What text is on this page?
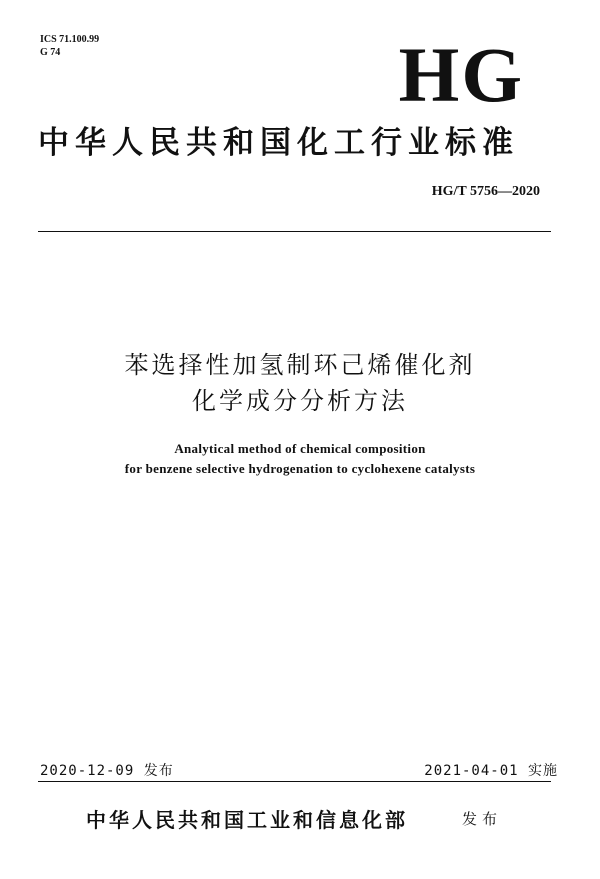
ICS 71.100.99
G 74	HG
中华人民共和国化工行业标准
HG/T 5756—2020
苯选择性加氢制环己烯催化剂
化学成分分析方法
Analytical method of chemical composition
for benzene selective hydrogenation to cyclohexene catalysts
2020-12-09 发布	2021-04-01 实施
中华人民共和国工业和信息化部	发布
